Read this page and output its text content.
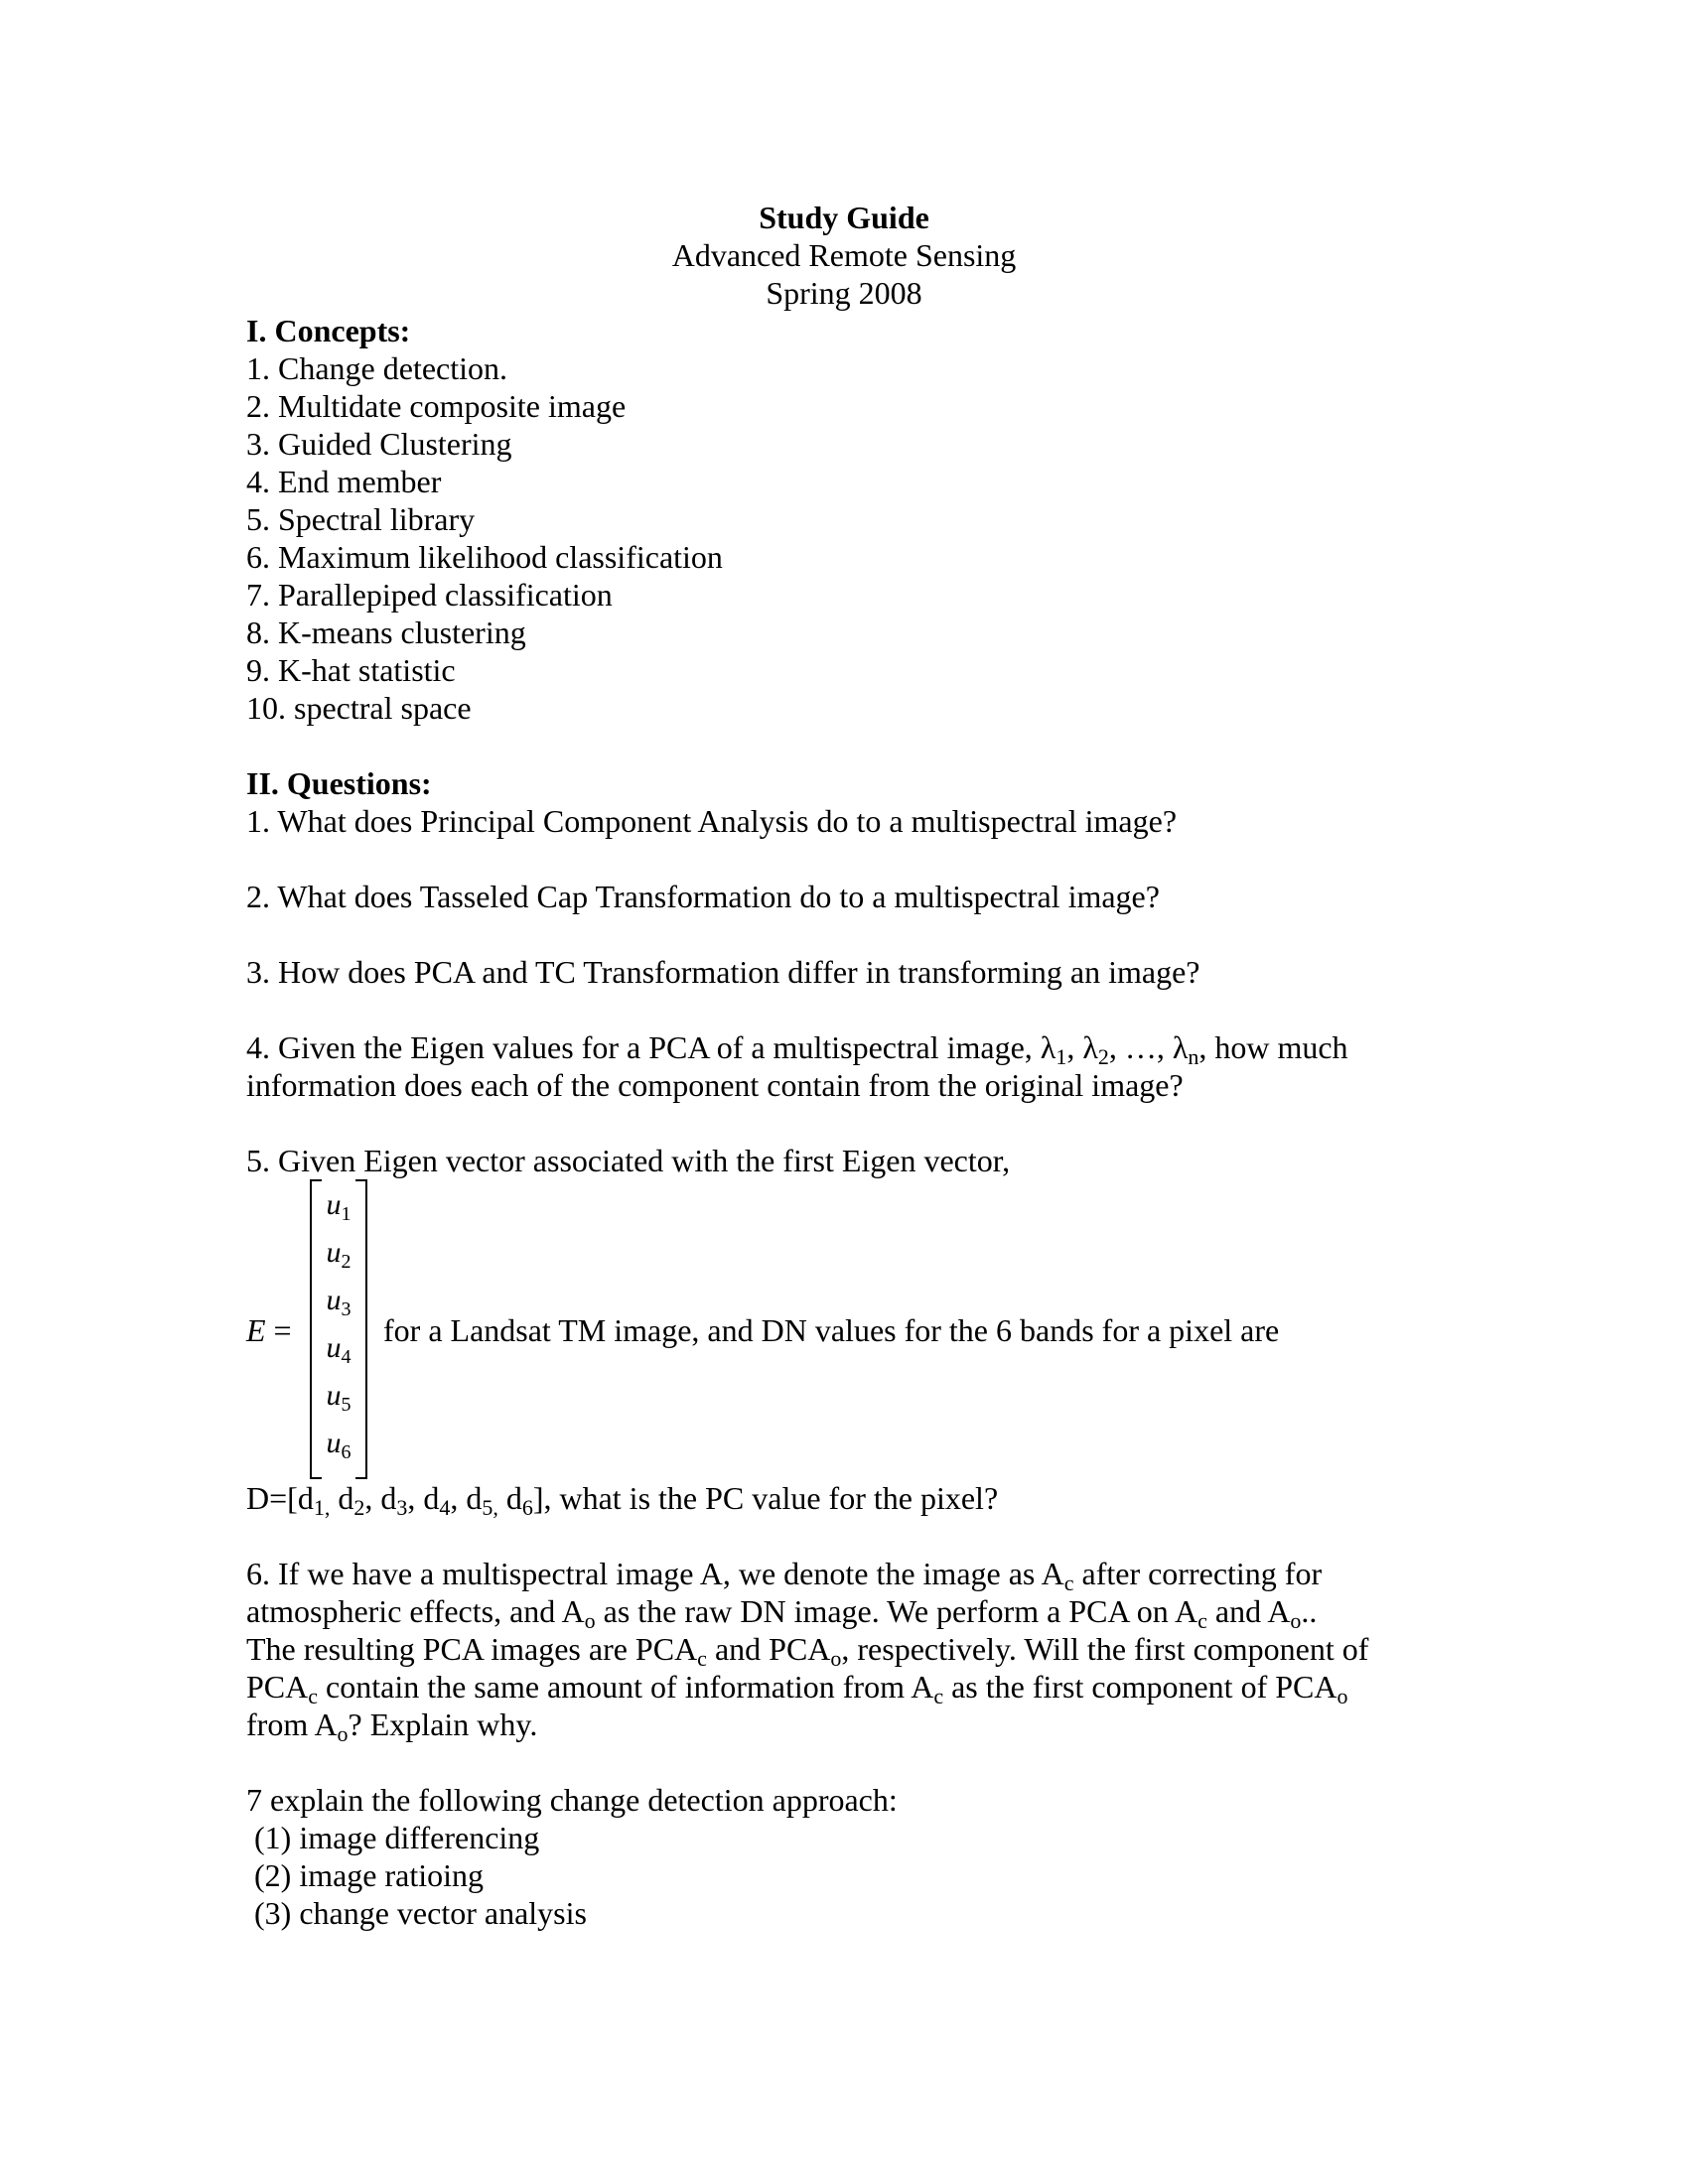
Study Guide
Advanced Remote Sensing
Spring 2008
I. Concepts:
1. Change detection.
2. Multidate composite image
3. Guided Clustering
4. End member
5. Spectral library
6. Maximum likelihood classification
7. Parallepiped classification
8. K-means clustering
9. K-hat statistic
10. spectral space
II. Questions:
1. What does Principal Component Analysis do to a multispectral image?
2. What does Tasseled Cap Transformation do to a multispectral image?
3. How does PCA and TC Transformation differ in transforming an image?
4. Given the Eigen values for a PCA of a multispectral image, $\lambda_1$, $\lambda_2$, …, $\lambda_n$, how much
information does each of the component contain from the original image?
5. Given Eigen vector associated with the first Eigen vector,
E =
$u_1$
$u_2$
$u_3$
$u_4$
$u_5$
$u_6$
for a Landsat TM image, and DN values for the 6 bands for a pixel are
$D=[d_{1,}$ $d_2$, $d_3$, $d_4$, $d_{5,}$ $d_6$], what is the PC value for the pixel?
6. If we have a multispectral image A, we denote the image as $A_c$ after correcting for
atmospheric effects, and $A_o$ as the raw DN image. We perform a PCA on $A_c$ and $A_o$..
The resulting PCA images are $PCA_c$ and $PCA_o$, respectively. Will the first component of
$PCA_c$ contain the same amount of information from $A_c$ as the first component of $PCA_o$
from $A_o$? Explain why.
7 explain the following change detection approach:
(1) image differencing
(2) image ratioing
(3) change vector analysis
